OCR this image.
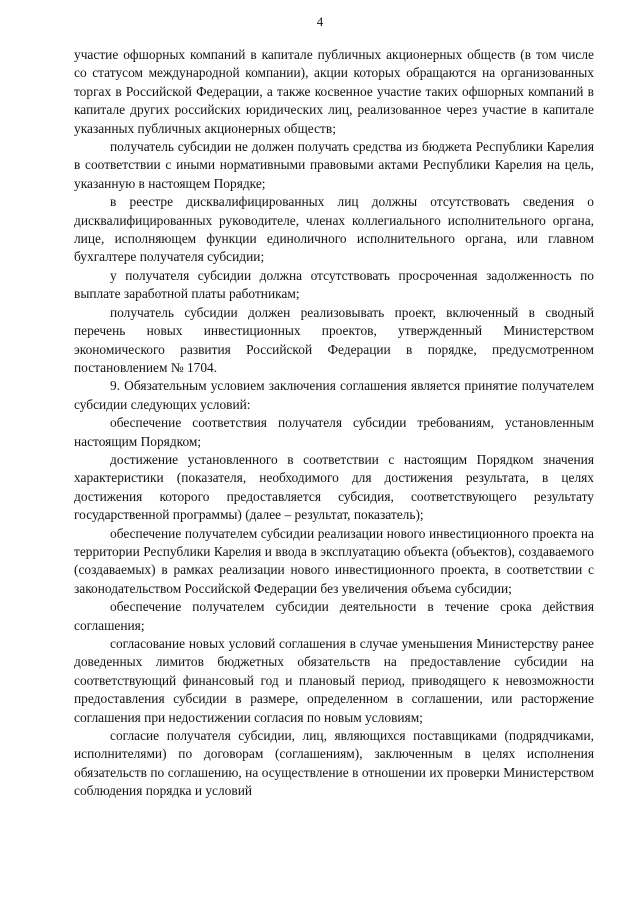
4

участие офшорных компаний в капитале публичных акционерных обществ (в том числе со статусом международной компании), акции которых обращаются на организованных торгах в Российской Федерации, а также косвенное участие таких офшорных компаний в капитале других российских юридических лиц, реализованное через участие в капитале указанных публичных акционерных обществ;

получатель субсидии не должен получать средства из бюджета Республики Карелия в соответствии с иными нормативными правовыми актами Республики Карелия на цель, указанную в настоящем Порядке;

в реестре дисквалифицированных лиц должны отсутствовать сведения о дисквалифицированных руководителе, членах коллегиального исполнительного органа, лице, исполняющем функции единоличного исполнительного органа, или главном бухгалтере получателя субсидии;

у получателя субсидии должна отсутствовать просроченная задолженность по выплате заработной платы работникам;

получатель субсидии должен реализовывать проект, включенный в сводный перечень новых инвестиционных проектов, утвержденный Министерством экономического развития Российской Федерации в порядке, предусмотренном постановлением № 1704.

9. Обязательным условием заключения соглашения является принятие получателем субсидии следующих условий:

обеспечение соответствия получателя субсидии требованиям, установленным настоящим Порядком;

достижение установленного в соответствии с настоящим Порядком значения характеристики (показателя, необходимого для достижения результата, в целях достижения которого предоставляется субсидия, соответствующего результату государственной программы) (далее – результат, показатель);

обеспечение получателем субсидии реализации нового инвестиционного проекта на территории Республики Карелия и ввода в эксплуатацию объекта (объектов), создаваемого (создаваемых) в рамках реализации нового инвестиционного проекта, в соответствии с законодательством Российской Федерации без увеличения объема субсидии;

обеспечение получателем субсидии деятельности в течение срока действия соглашения;

согласование новых условий соглашения в случае уменьшения Министерству ранее доведенных лимитов бюджетных обязательств на предоставление субсидии на соответствующий финансовый год и плановый период, приводящего к невозможности предоставления субсидии в размере, определенном в соглашении, или расторжение соглашения при недостижении согласия по новым условиям;

согласие получателя субсидии, лиц, являющихся поставщиками (подрядчиками, исполнителями) по договорам (соглашениям), заключенным в целях исполнения обязательств по соглашению, на осуществление в отношении их проверки Министерством соблюдения порядка и условий
